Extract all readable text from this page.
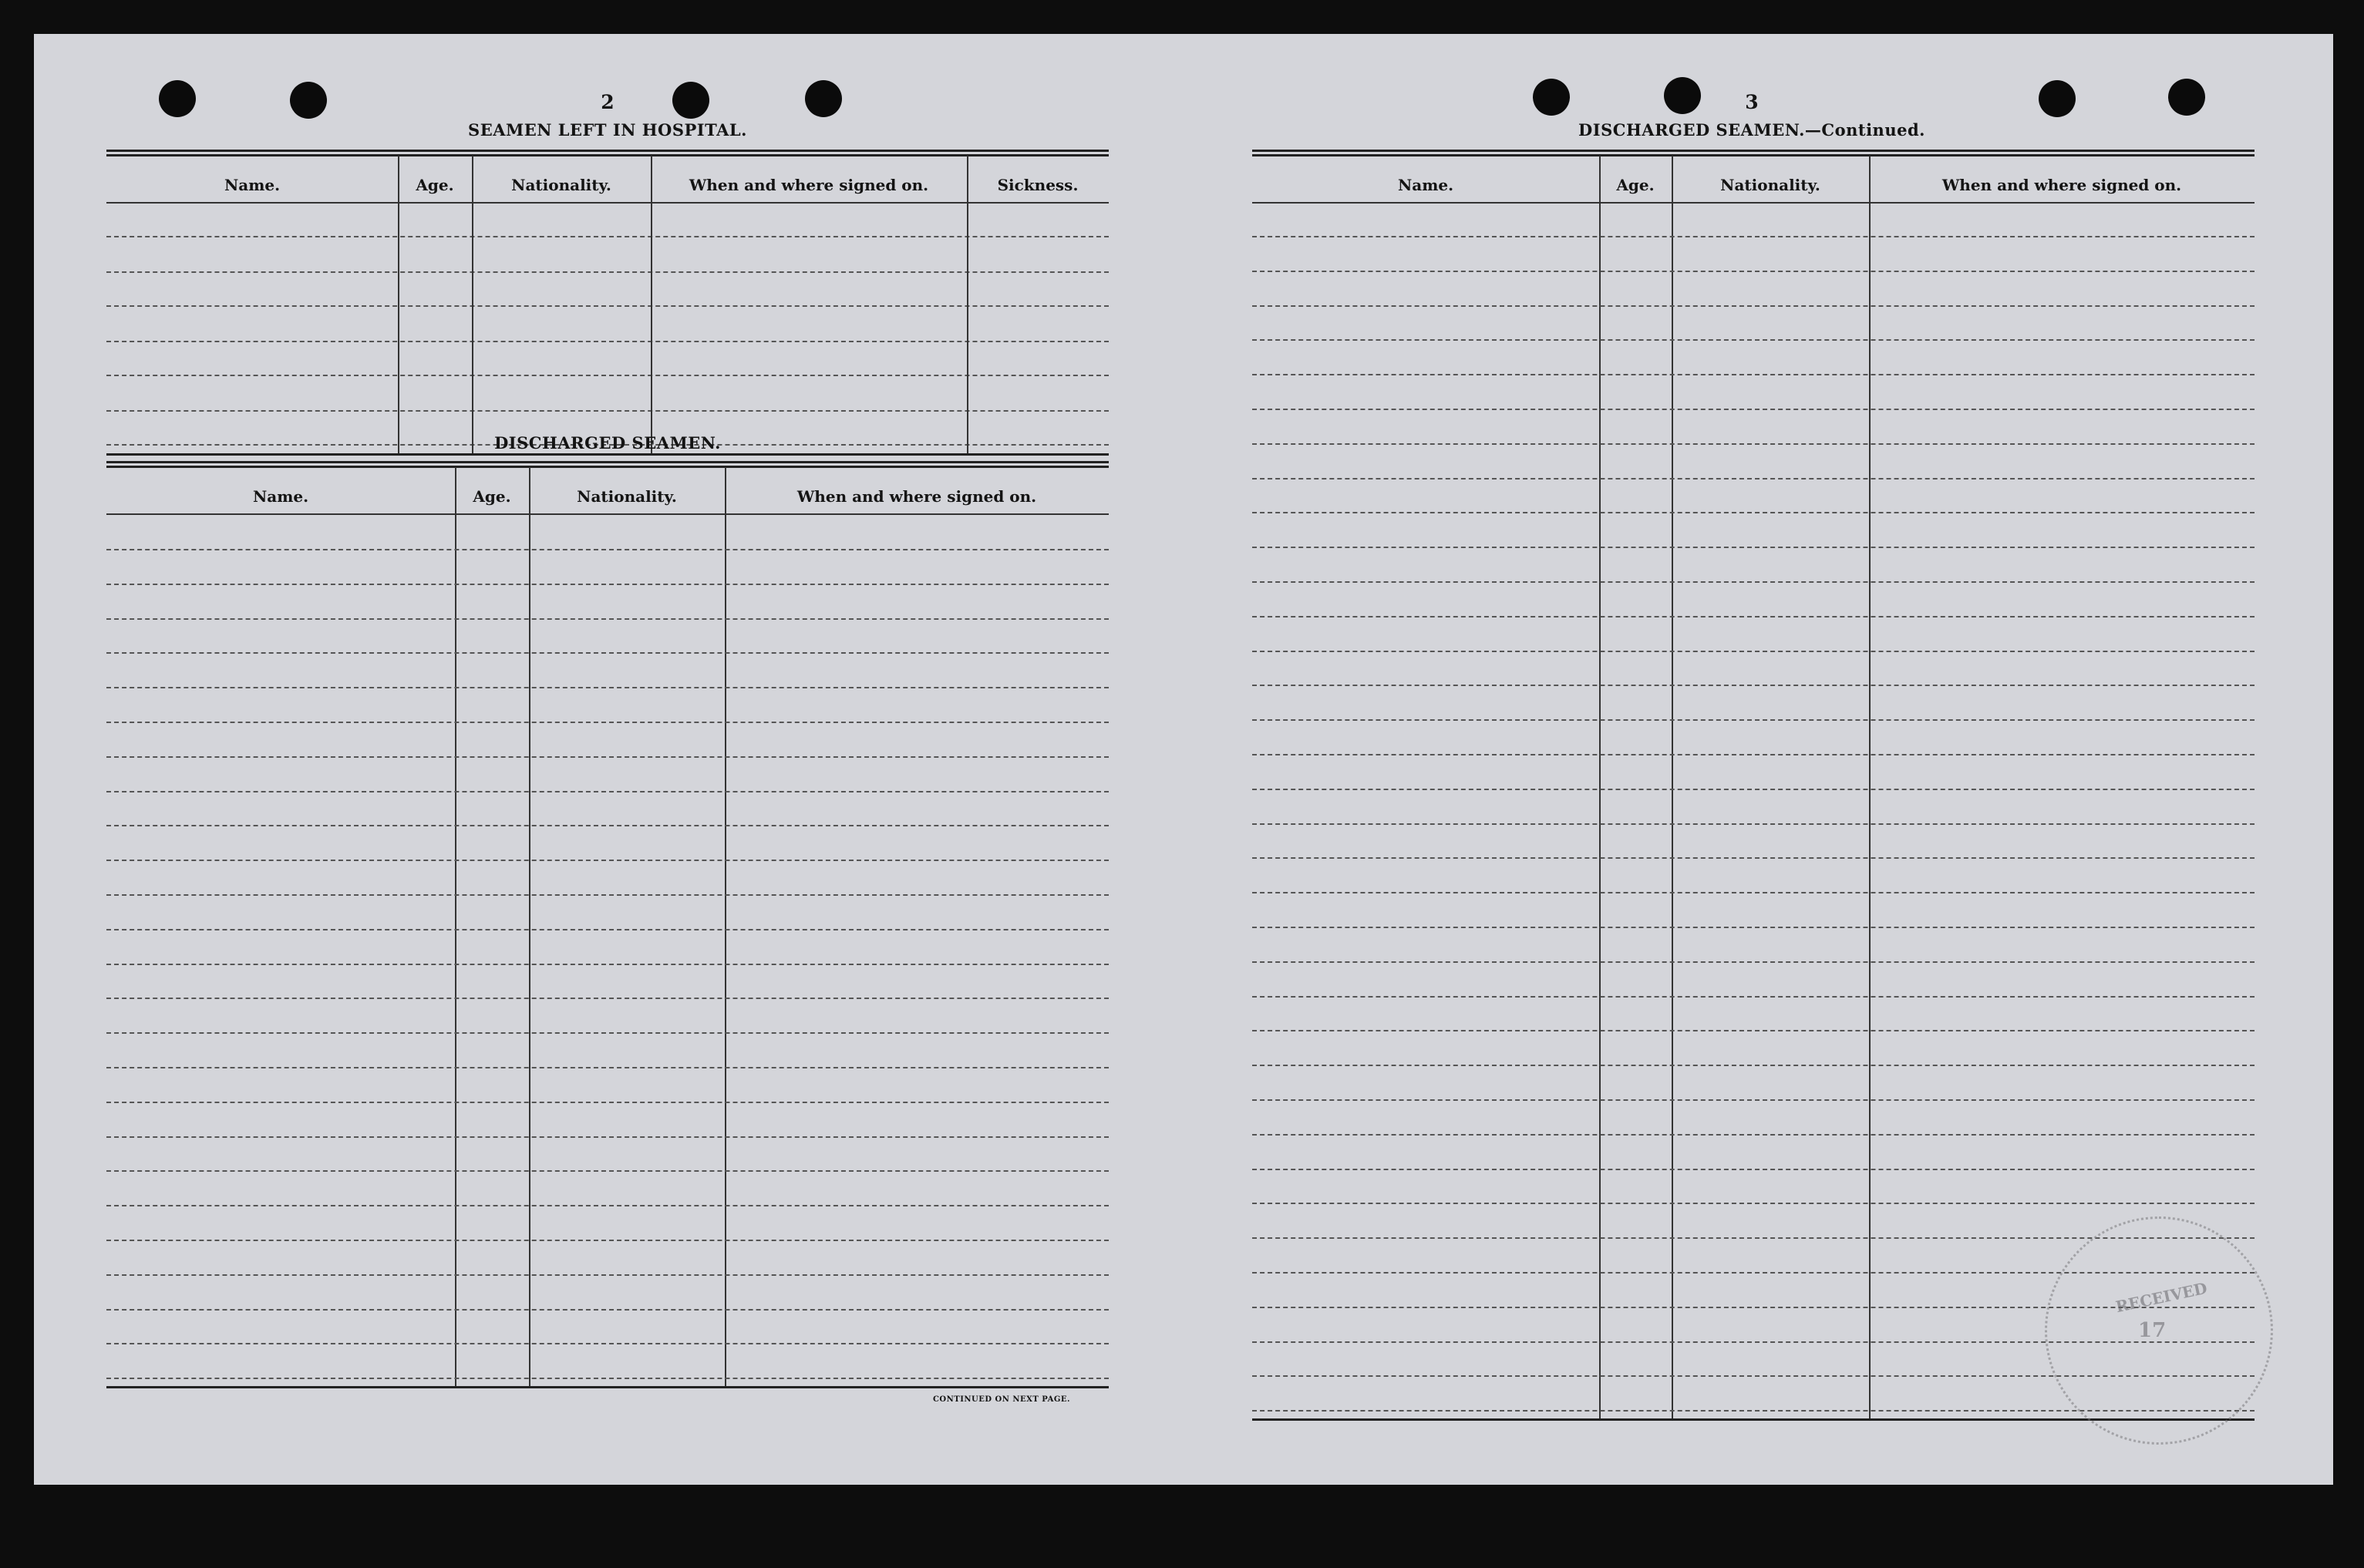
2
SEAMEN LEFT IN HOSPITAL.
Name.	Age.	Nationality.	When and where signed on.	Sickness.
DISCHARGED SEAMEN.
Name.	Age.	Nationality.	When and where signed on.
CONTINUED ON NEXT PAGE.
3
DISCHARGED SEAMEN.—Continued.
Name.	Age.	Nationality.	When and where signed on.
RECEIVED
17
